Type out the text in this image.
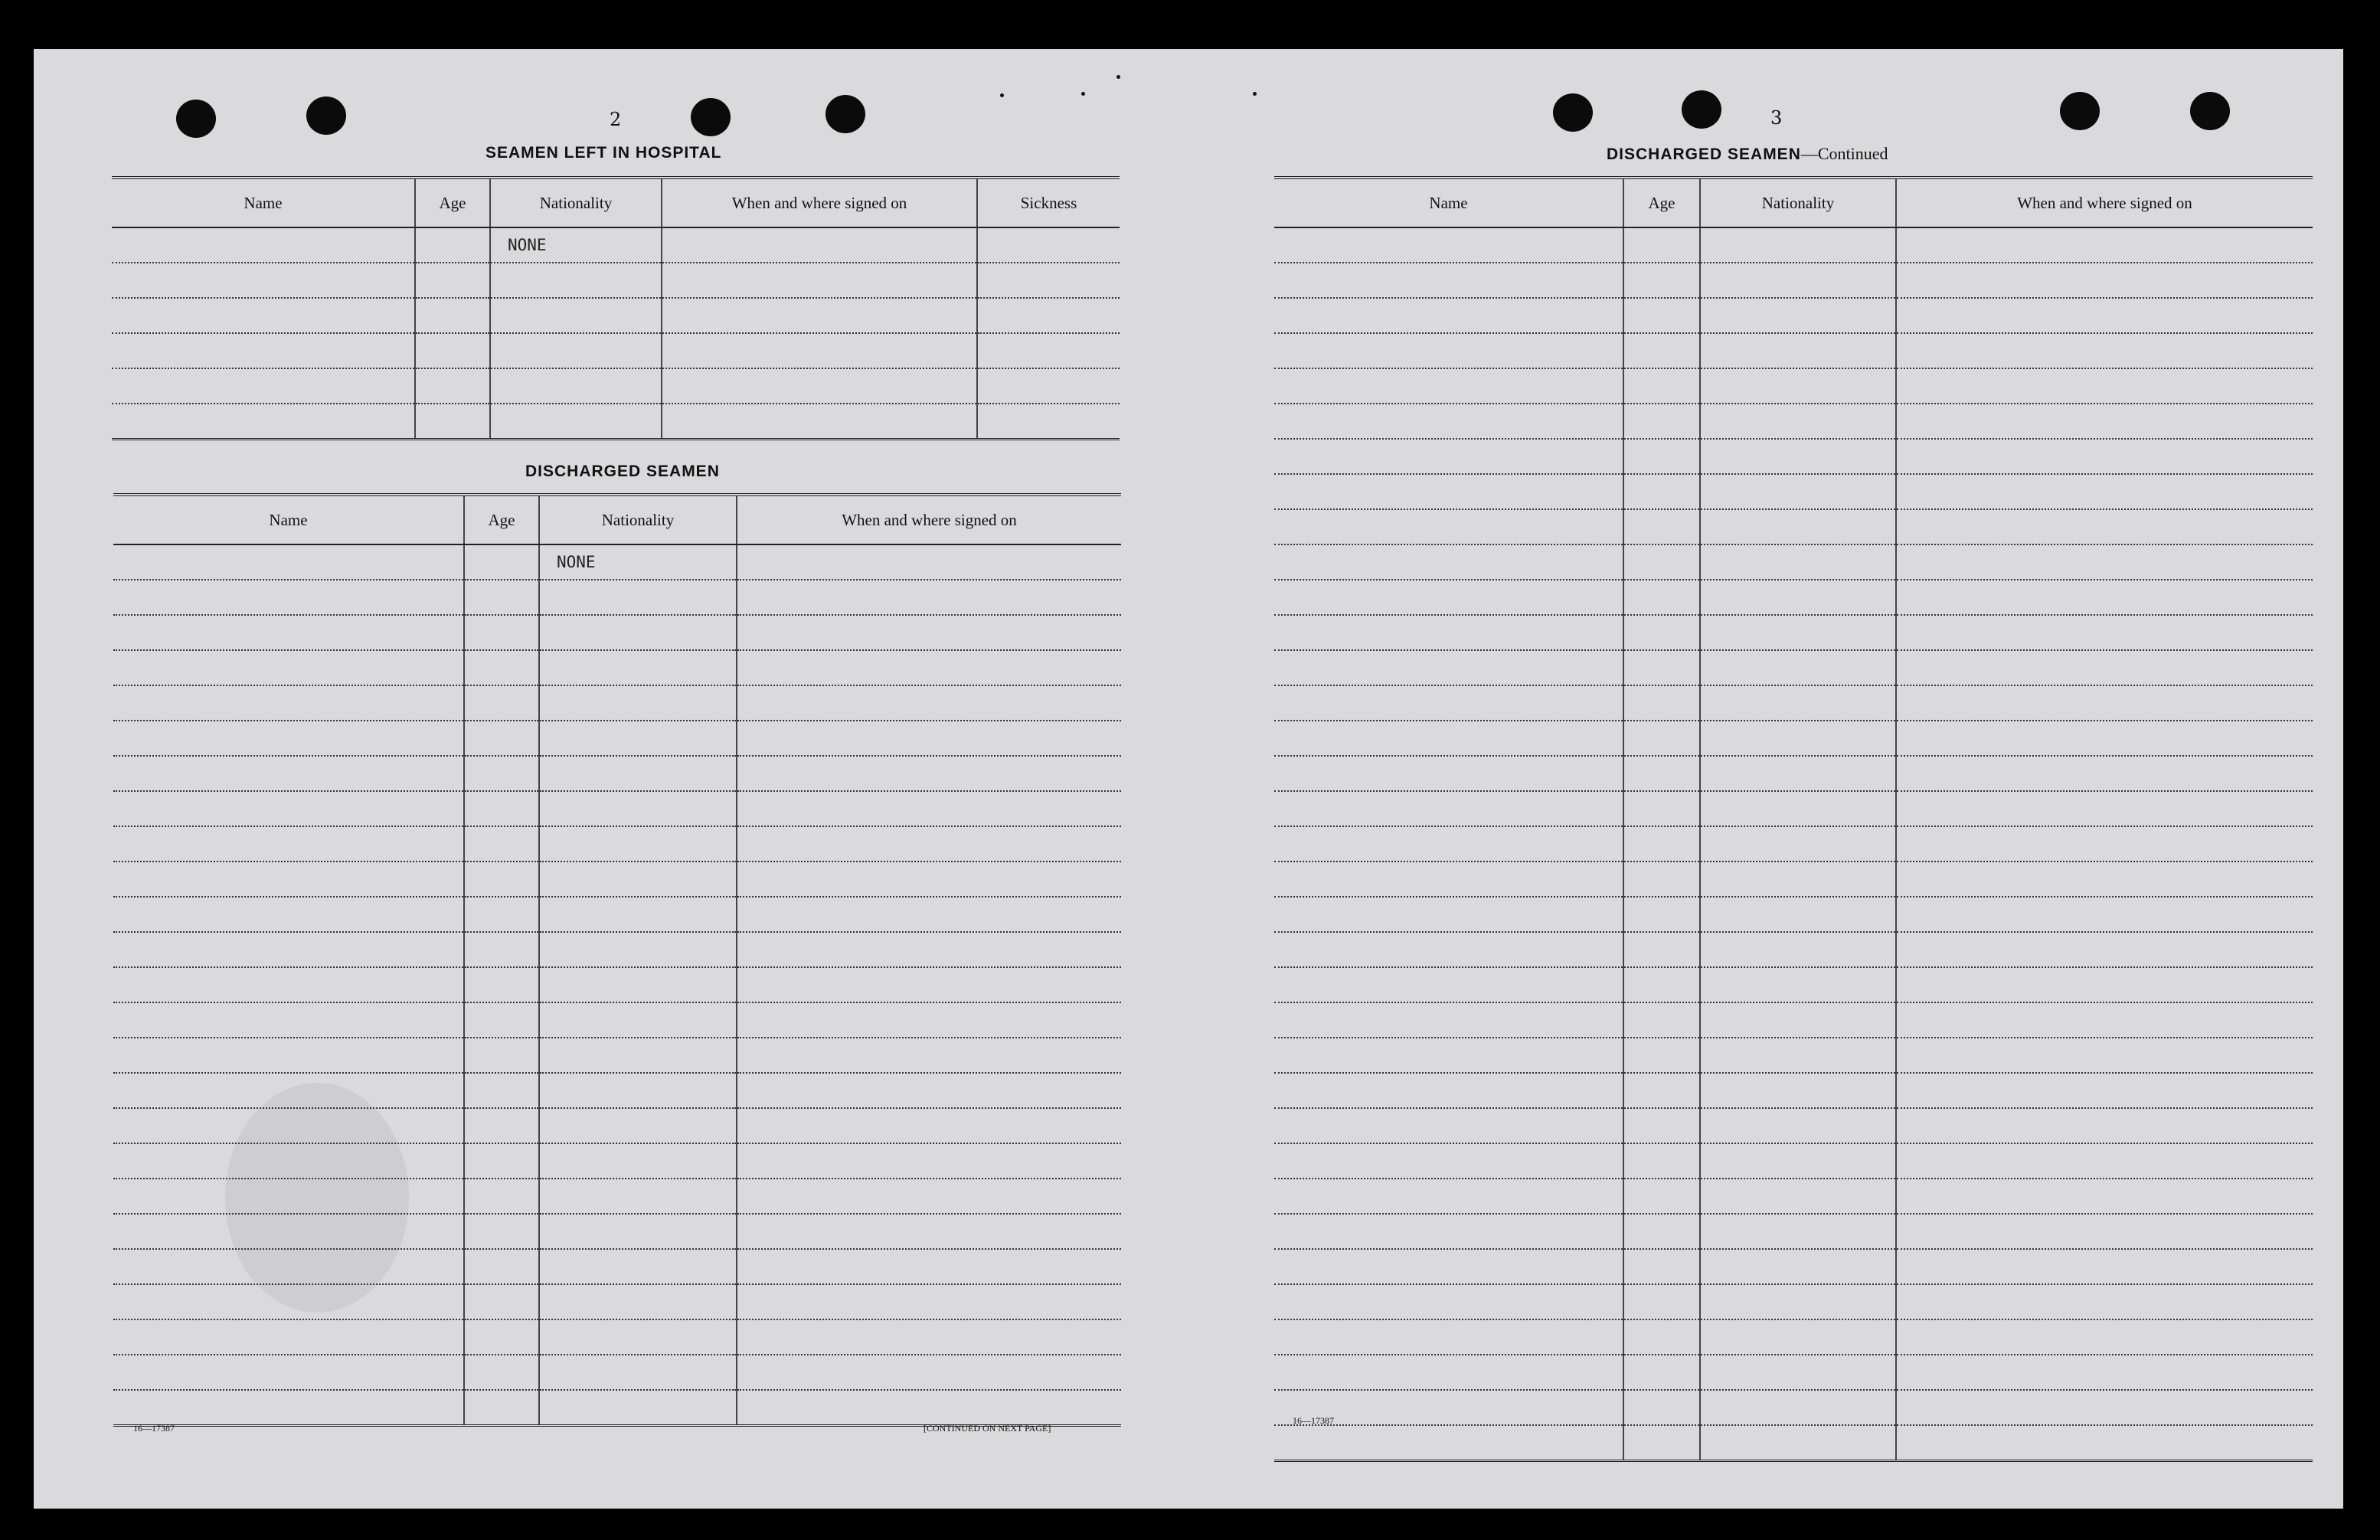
2
SEAMEN LEFT IN HOSPITAL
Name	Age	Nationality	When and where signed on	Sickness
		NONE		

DISCHARGED SEAMEN
Name	Age	Nationality	When and where signed on
		NONE	

16—17387	[CONTINUED ON NEXT PAGE]
3
DISCHARGED SEAMEN—Continued
Name	Age	Nationality	When and where signed on

16—17387
